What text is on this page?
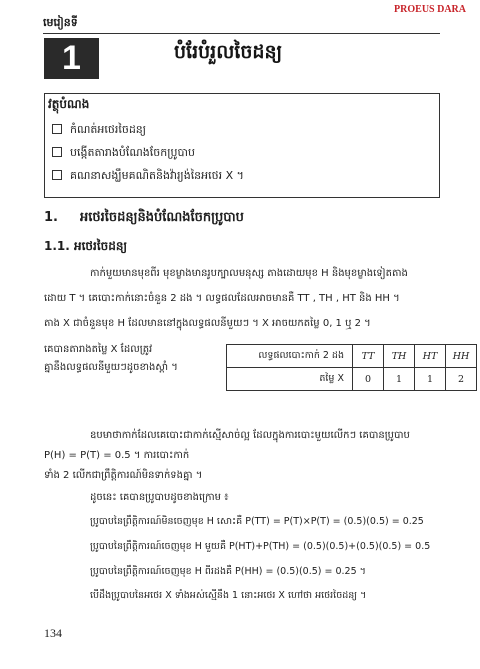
PROEUS DARA
មេរៀនទី
1	បំរែបំរួលចៃដន្យ
វត្ថុបំណង
កំណត់អថេរចៃដន្យ
បង្កើតតារាងបំណែងចែកប្រូបាប
គណនាសង្ឃឹមគណិតនិងវ៉ារ្យង់នៃអថេរ X ។
1. អថេរចៃដន្យនិងបំណែងចែកប្រូបាប
1.1. អថេរចៃដន្យ
កាក់មួយមានមុខពីរ មុខម្ខាងមានរូបក្បាលមនុស្ស តាងដោយមុខ H និងមុខម្ខាងទៀតតាង
ដោយ T ។ គេបោះកាក់នោះចំនួន 2 ដង ។ លទ្ធផលដែលអាចមានគឺ TT , TH , HT និង HH ។
តាង X ជាចំនួនមុខ H ដែលមាននៅក្នុងលទ្ធផលនីមួយៗ ។ X អាចយកតម្លៃ 0, 1 ឬ 2 ។
គេបានតារាងតម្លៃ X ដែលត្រូវ
គ្នានឹងលទ្ធផលនីមួយៗដូចខាងស្តាំ ។
លទ្ធផលបោះកាក់ 2 ដង	TT	TH	HT	HH
តម្លៃ X	0	1	1	2
ឧបមាថាកាក់ដែលគេបោះជាកាក់ស្មើសាច់ល្អ ដែលក្នុងការបោះមួយលើកៗ គេបានប្រូបាប
P(H) = P(T) = 0.5 ។ ការបោះកាក់
ទាំង 2 លើកជាព្រឹត្តិការណ៍មិនទាក់ទងគ្នា ។
ដូចនេះ គេបានប្រូបាបដូចខាងក្រោម ៖
ប្រូបាបនៃព្រឹត្តិការណ៍មិនចេញមុខ H សោះគឺ P(TT) = P(T)×P(T) = (0.5)(0.5) = 0.25
ប្រូបាបនៃព្រឹត្តិការណ៍ចេញមុខ H មួយគឺ P(HT)+P(TH) = (0.5)(0.5)+(0.5)(0.5) = 0.5
ប្រូបាបនៃព្រឹត្តិការណ៍ចេញមុខ H ពីរដងគឺ P(HH) = (0.5)(0.5) = 0.25 ។
បើដឹងប្រូបាបនៃអថេរ X ទាំងអស់ស្មើនឹង 1 នោះអថេរ X ហៅថា អថេរចៃដន្យ ។
134
